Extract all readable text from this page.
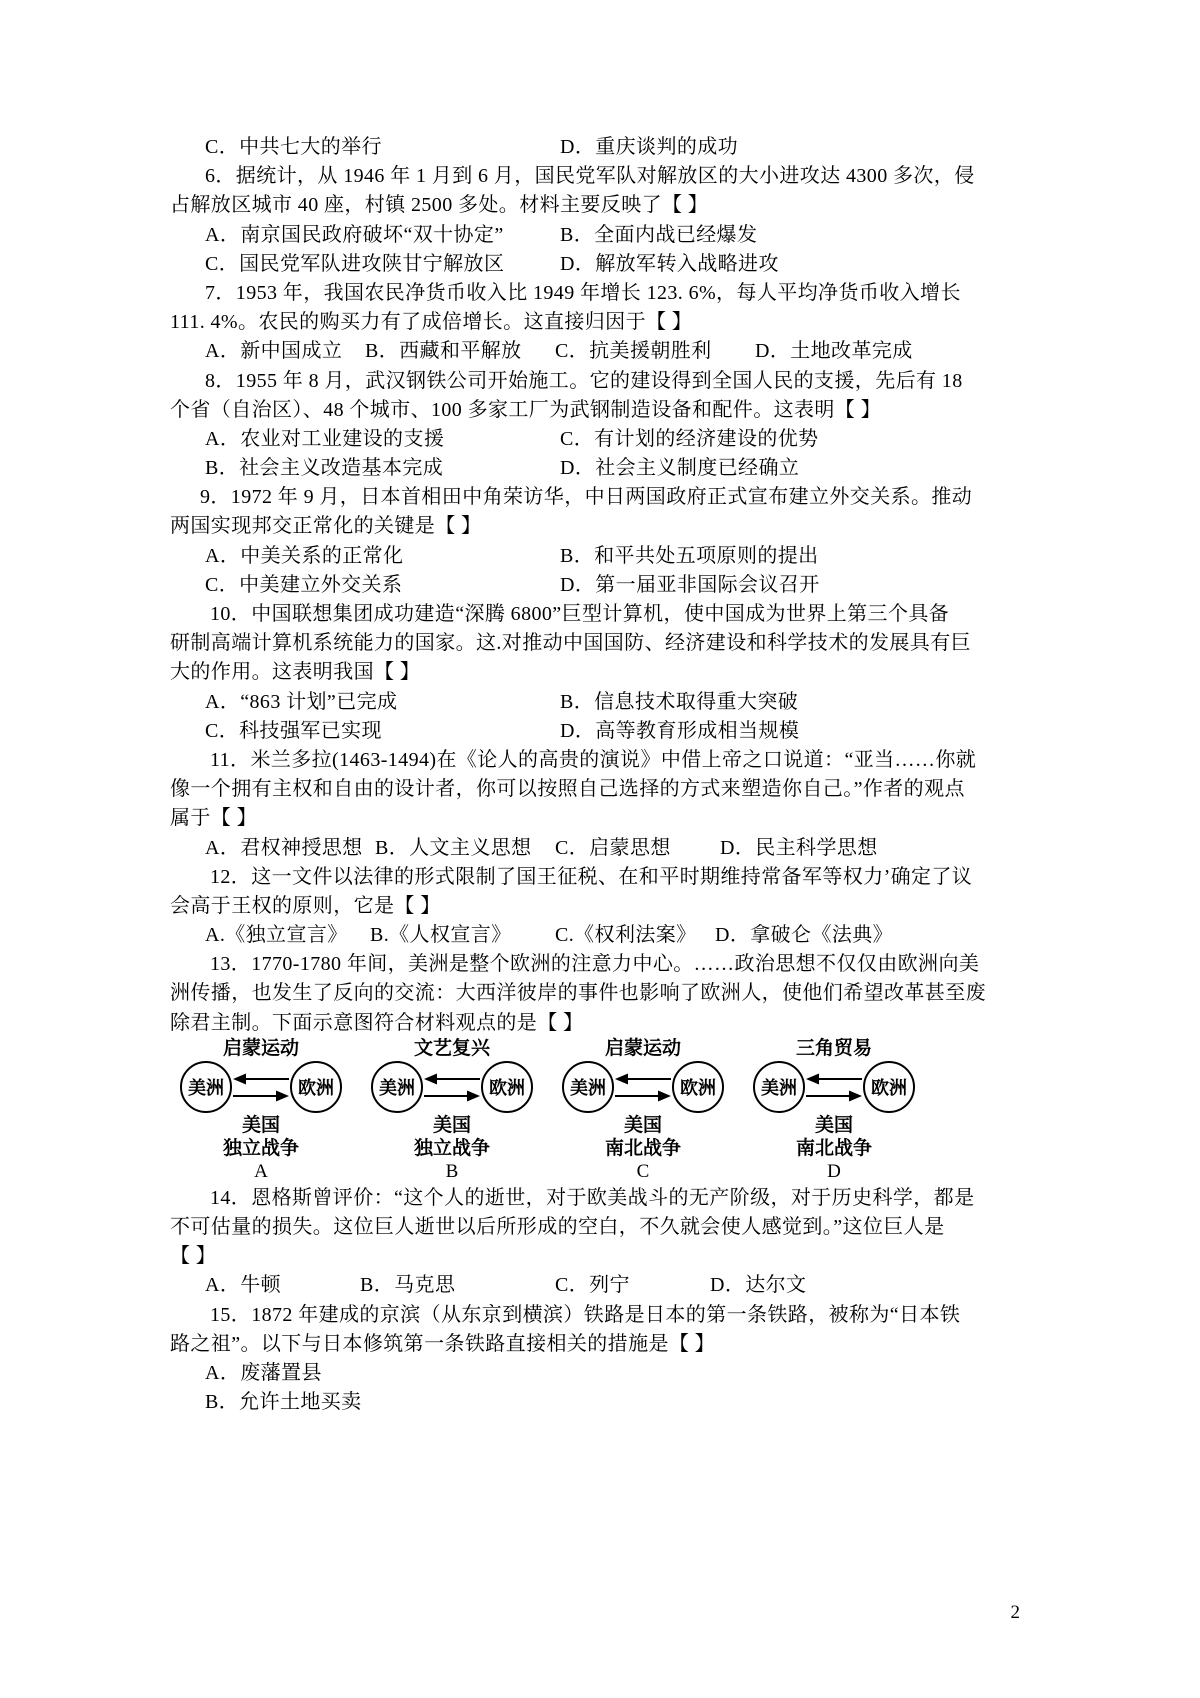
C．中共七大的举行	D．重庆谈判的成功
6．据统计，从 1946 年 1 月到 6 月，国民党军队对解放区的大小进攻达 4300 多次，侵
占解放区城市 40 座，村镇 2500 多处。材料主要反映了【 】
A．南京国民政府破坏“双十协定”	B．全面内战已经爆发
C．国民党军队进攻陕甘宁解放区	D．解放军转入战略进攻
7．1953 年，我国农民净货币收入比 1949 年增长 123. 6%，每人平均净货币收入增长
111. 4%。农民的购买力有了成倍增长。这直接归因于【 】
A．新中国成立 B．西藏和平解放 C．抗美援朝胜利 D．土地改革完成
8．1955 年 8 月，武汉钢铁公司开始施工。它的建设得到全国人民的支援，先后有 18
个省（自治区）、48 个城市、100 多家工厂为武钢制造设备和配件。这表明【 】
A．农业对工业建设的支援	C．有计划的经济建设的优势
B．社会主义改造基本完成	D．社会主义制度已经确立
9．1972 年 9 月，日本首相田中角荣访华，中日两国政府正式宣布建立外交关系。推动
两国实现邦交正常化的关键是【 】
A．中美关系的正常化	B．和平共处五项原则的提出
C．中美建立外交关系	D．第一届亚非国际会议召开
10．中国联想集团成功建造“深腾 6800”巨型计算机，使中国成为世界上第三个具备
研制高端计算机系统能力的国家。这.对推动中国国防、经济建设和科学技术的发展具有巨
大的作用。这表明我国【 】
A．“863 计划”已完成	B．信息技术取得重大突破
C．科技强军已实现	D．高等教育形成相当规模
11．米兰多拉(1463-1494)在《论人的高贵的演说》中借上帝之口说道：“亚当……你就
像一个拥有主权和自由的设计者，你可以按照自己选择的方式来塑造你自己。”作者的观点
属于【 】
A．君权神授思想 B．人文主义思想 C．启蒙思想 D．民主科学思想
12．这一文件以法律的形式限制了国王征税、在和平时期维持常备军等权力’确定了议
会高于王权的原则，它是【 】
A.《独立宣言》 B.《人权宣言》 C.《权利法案》 D．拿破仑《法典》
13．1770-1780 年间，美洲是整个欧洲的注意力中心。……政治思想不仅仅由欧洲向美
洲传播，也发生了反向的交流：大西洋彼岸的事件也影响了欧洲人，使他们希望改革甚至废
除君主制。下面示意图符合材料观点的是【 】
启蒙运动
美洲	欧洲
美国
独立战争
A
文艺复兴
美洲	欧洲
美国
独立战争
B
启蒙运动
美洲	欧洲
美国
南北战争
C
三角贸易
美洲	欧洲
美国
南北战争
D
14．恩格斯曾评价：“这个人的逝世，对于欧美战斗的无产阶级，对于历史科学，都是
不可估量的损失。这位巨人逝世以后所形成的空白，不久就会使人感觉到。”这位巨人是
【 】
A．牛顿	B．马克思	C．列宁	D．达尔文
15．1872 年建成的京滨（从东京到横滨）铁路是日本的第一条铁路，被称为“日本铁
路之祖”。以下与日本修筑第一条铁路直接相关的措施是【 】
A．废藩置县
B．允许土地买卖
2
